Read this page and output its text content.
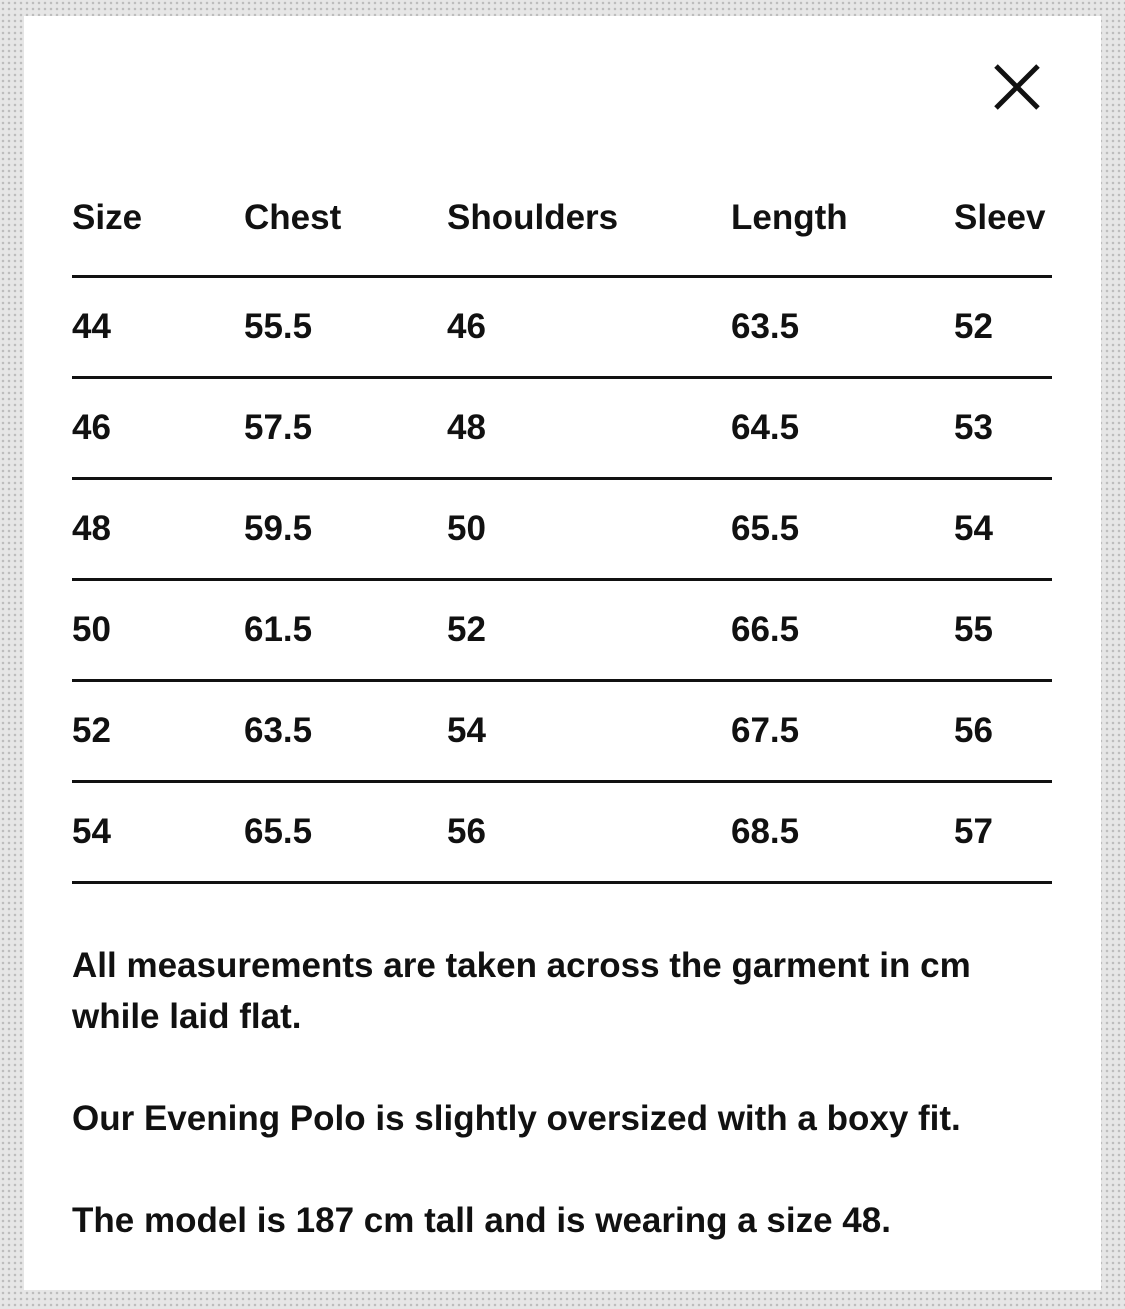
Size	Chest	Shoulders	Length	Sleev
44	55.5	46	63.5	52
46	57.5	48	64.5	53
48	59.5	50	65.5	54
50	61.5	52	66.5	55
52	63.5	54	67.5	56
54	65.5	56	68.5	57

All measurements are taken across the garment in cm while laid flat.

Our Evening Polo is slightly oversized with a boxy fit.

The model is 187 cm tall and is wearing a size 48.
